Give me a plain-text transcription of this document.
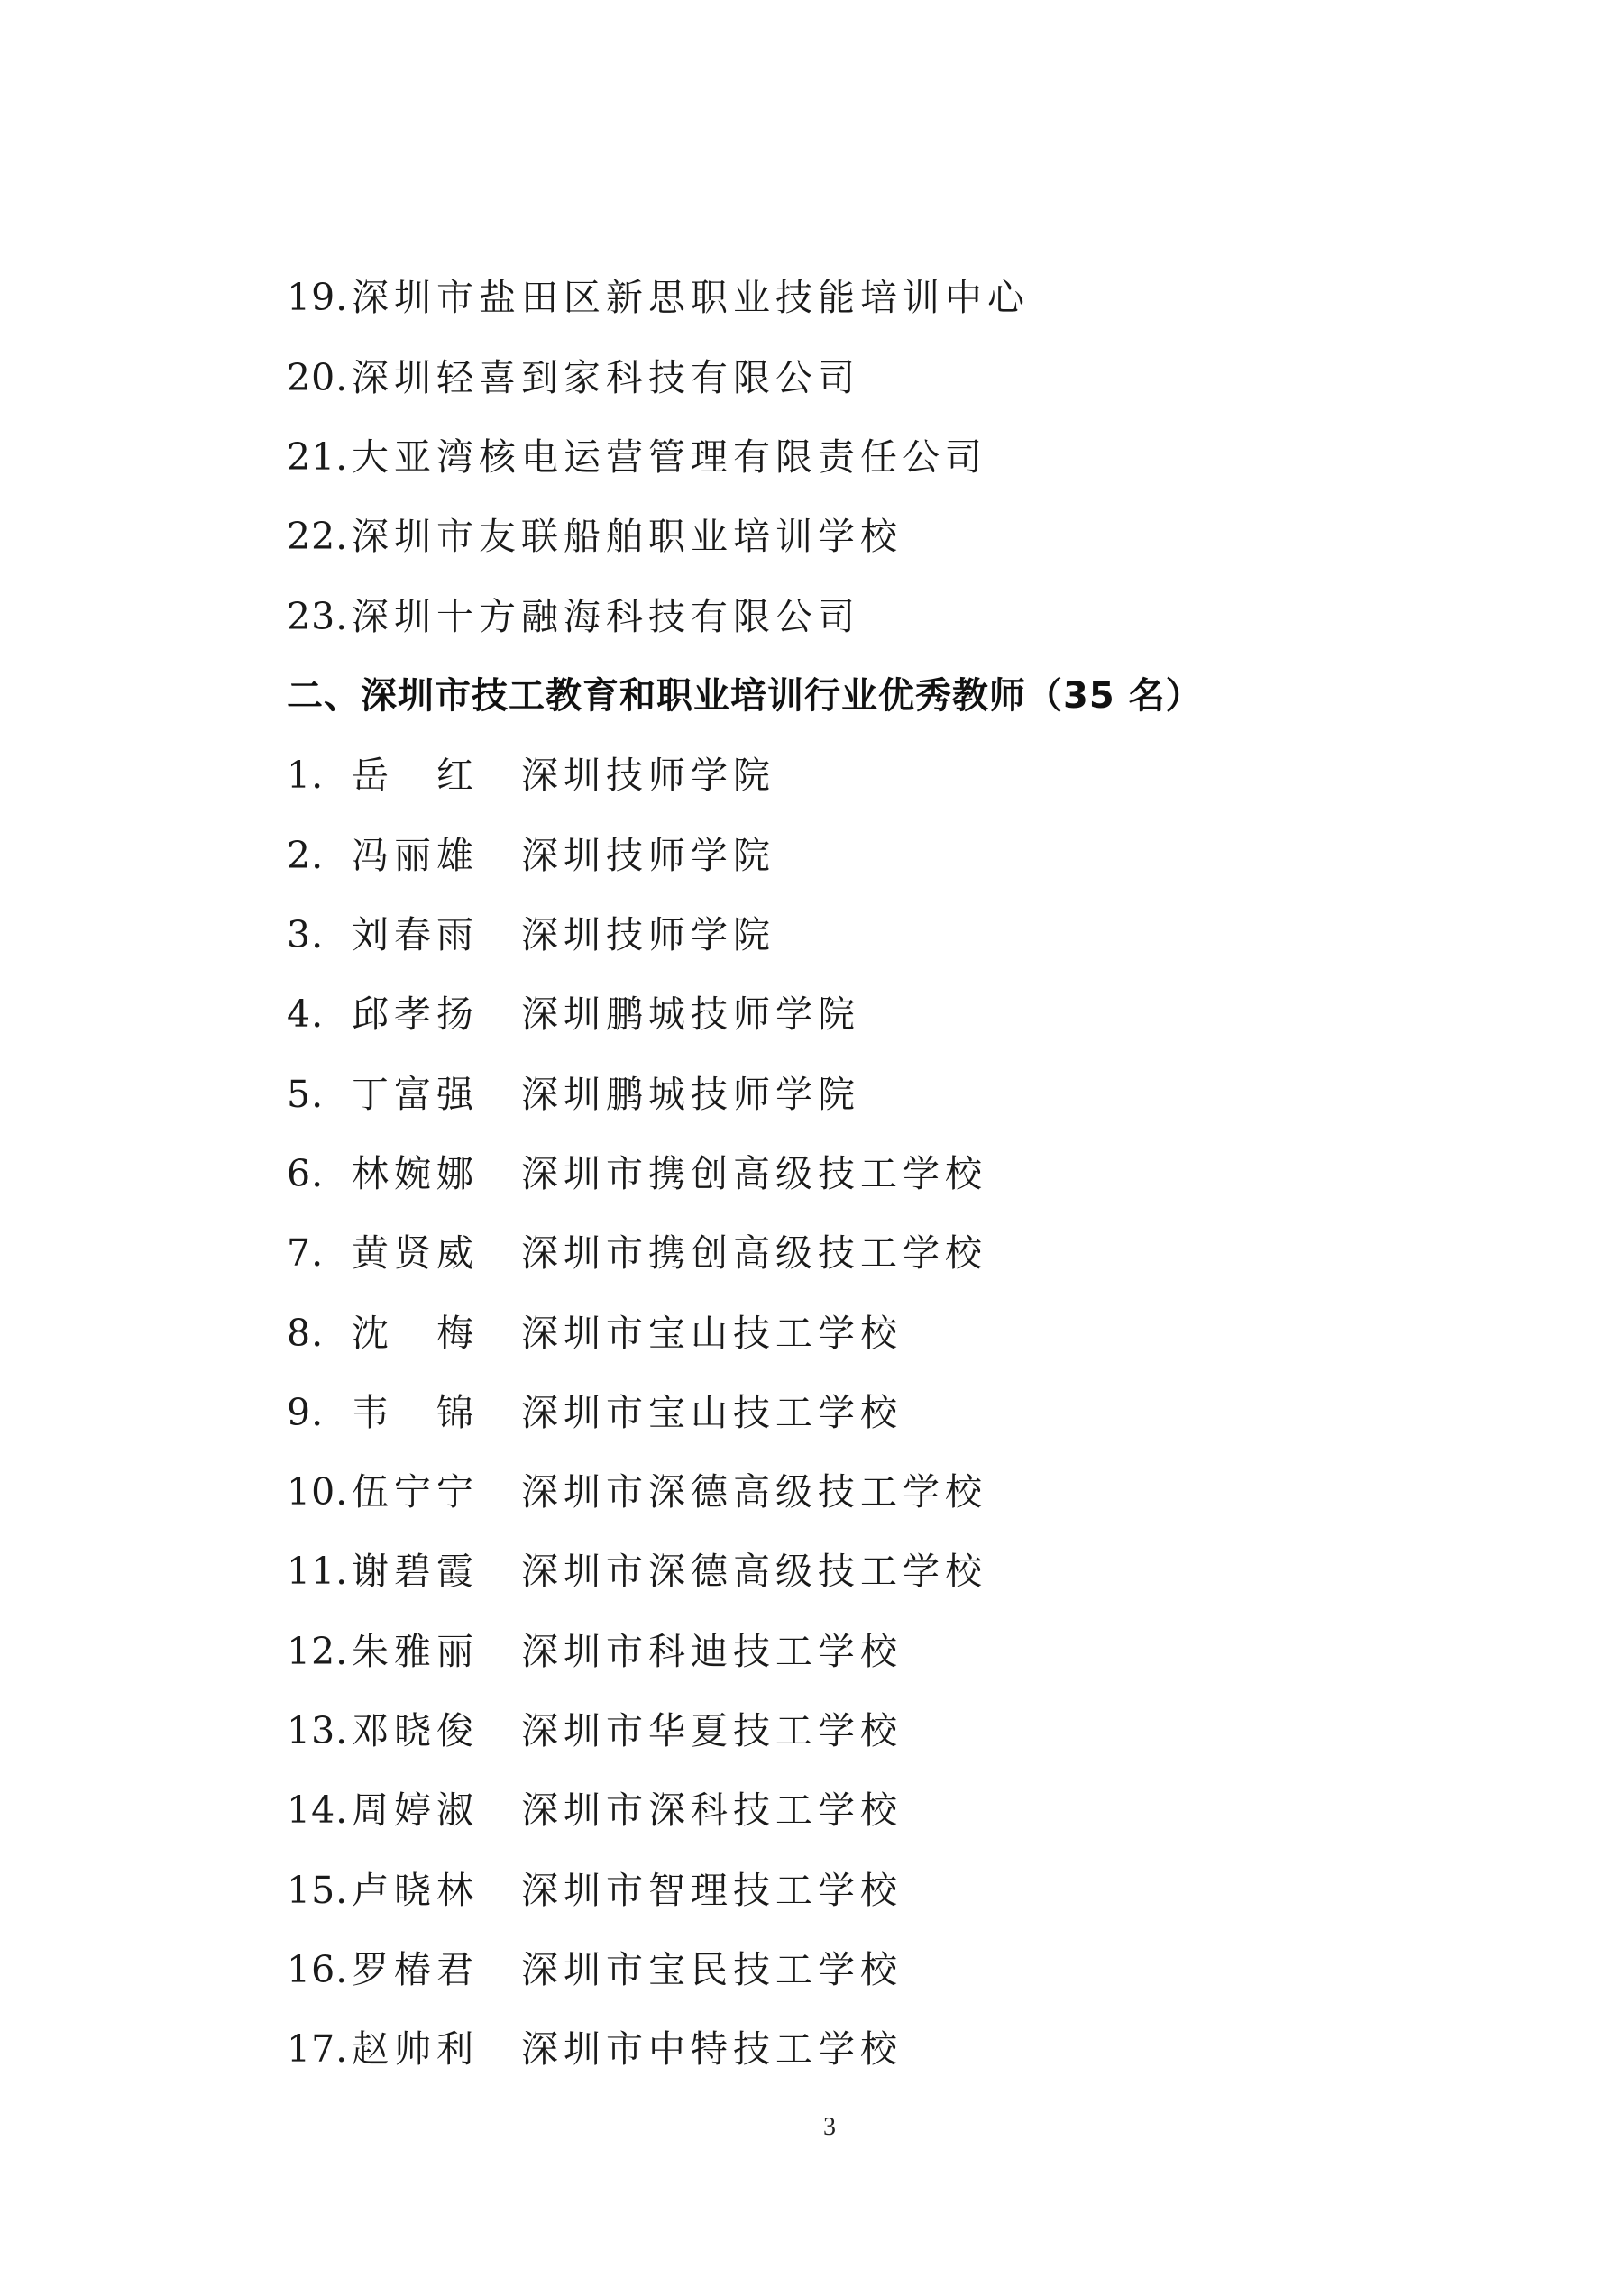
19.深圳市盐田区新思职业技能培训中心
20.深圳轻喜到家科技有限公司
21.大亚湾核电运营管理有限责任公司
22.深圳市友联船舶职业培训学校
23.深圳十方融海科技有限公司
二、深圳市技工教育和职业培训行业优秀教师（35 名）
1. 岳　红 深圳技师学院
2. 冯丽雄 深圳技师学院
3. 刘春雨 深圳技师学院
4. 邱孝扬 深圳鹏城技师学院
5. 丁富强 深圳鹏城技师学院
6. 林婉娜 深圳市携创高级技工学校
7. 黄贤威 深圳市携创高级技工学校
8. 沈　梅 深圳市宝山技工学校
9. 韦　锦 深圳市宝山技工学校
10.伍宁宁 深圳市深德高级技工学校
11.谢碧霞 深圳市深德高级技工学校
12.朱雅丽 深圳市科迪技工学校
13.邓晓俊 深圳市华夏技工学校
14.周婷淑 深圳市深科技工学校
15.卢晓林 深圳市智理技工学校
16.罗椿君 深圳市宝民技工学校
17.赵帅利 深圳市中特技工学校
3
